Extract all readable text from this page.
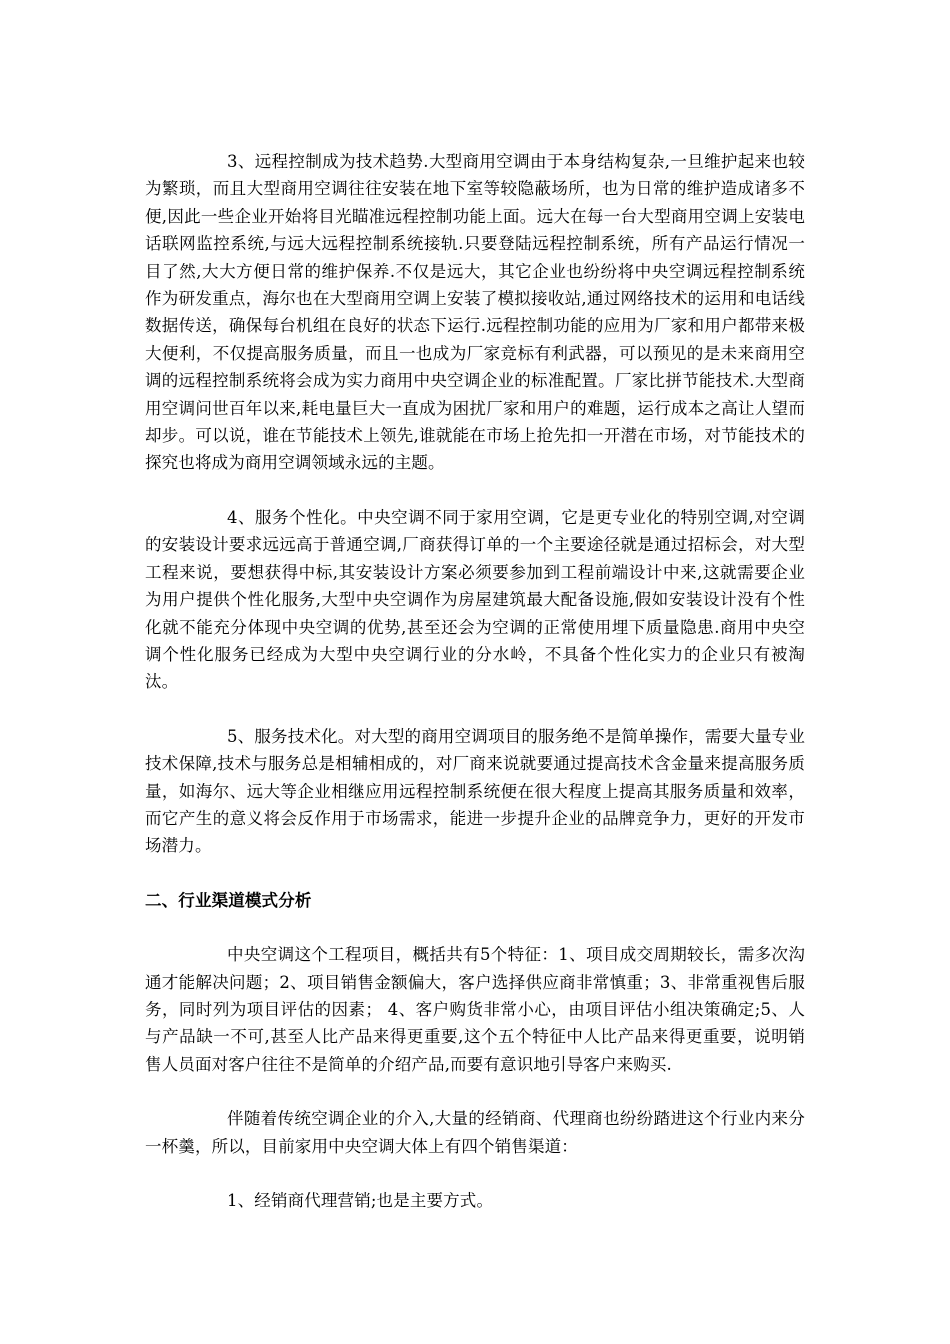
3、远程控制成为技术趋势.大型商用空调由于本身结构复杂,一旦维护起来也较为繁琐，而且大型商用空调往往安装在地下室等较隐蔽场所，也为日常的维护造成诸多不便,因此一些企业开始将目光瞄准远程控制功能上面。远大在每一台大型商用空调上安装电话联网监控系统,与远大远程控制系统接轨.只要登陆远程控制系统，所有产品运行情况一目了然,大大方便日常的维护保养.不仅是远大，其它企业也纷纷将中央空调远程控制系统作为研发重点，海尔也在大型商用空调上安装了模拟接收站,通过网络技术的运用和电话线数据传送，确保每台机组在良好的状态下运行.远程控制功能的应用为厂家和用户都带来极大便利，不仅提高服务质量，而且一也成为厂家竞标有利武器，可以预见的是未来商用空调的远程控制系统将会成为实力商用中央空调企业的标准配置。厂家比拼节能技术.大型商用空调问世百年以来,耗电量巨大一直成为困扰厂家和用户的难题，运行成本之高让人望而却步。可以说，谁在节能技术上领先,谁就能在市场上抢先扣一开潜在市场，对节能技术的探究也将成为商用空调领域永远的主题。

4、服务个性化。中央空调不同于家用空调，它是更专业化的特别空调,对空调的安装设计要求远远高于普通空调,厂商获得订单的一个主要途径就是通过招标会，对大型工程来说，要想获得中标,其安装设计方案必须要参加到工程前端设计中来,这就需要企业为用户提供个性化服务,大型中央空调作为房屋建筑最大配备设施,假如安装设计没有个性化就不能充分体现中央空调的优势,甚至还会为空调的正常使用埋下质量隐患.商用中央空调个性化服务已经成为大型中央空调行业的分水岭，不具备个性化实力的企业只有被淘汰。

5、服务技术化。对大型的商用空调项目的服务绝不是简单操作，需要大量专业技术保障,技术与服务总是相辅相成的，对厂商来说就要通过提高技术含金量来提高服务质量，如海尔、远大等企业相继应用远程控制系统便在很大程度上提高其服务质量和效率，而它产生的意义将会反作用于市场需求，能进一步提升企业的品牌竞争力，更好的开发市场潜力。

二、行业渠道模式分析

中央空调这个工程项目，概括共有5个特征：1、项目成交周期较长，需多次沟通才能解决问题；2、项目销售金额偏大，客户选择供应商非常慎重；3、非常重视售后服务，同时列为项目评估的因素； 4、客户购货非常小心，由项目评估小组决策确定;5、人与产品缺一不可,甚至人比产品来得更重要,这个五个特征中人比产品来得更重要，说明销售人员面对客户往往不是简单的介绍产品,而要有意识地引导客户来购买.

伴随着传统空调企业的介入,大量的经销商、代理商也纷纷踏进这个行业内来分一杯羹，所以，目前家用中央空调大体上有四个销售渠道：

1、经销商代理营销;也是主要方式。
